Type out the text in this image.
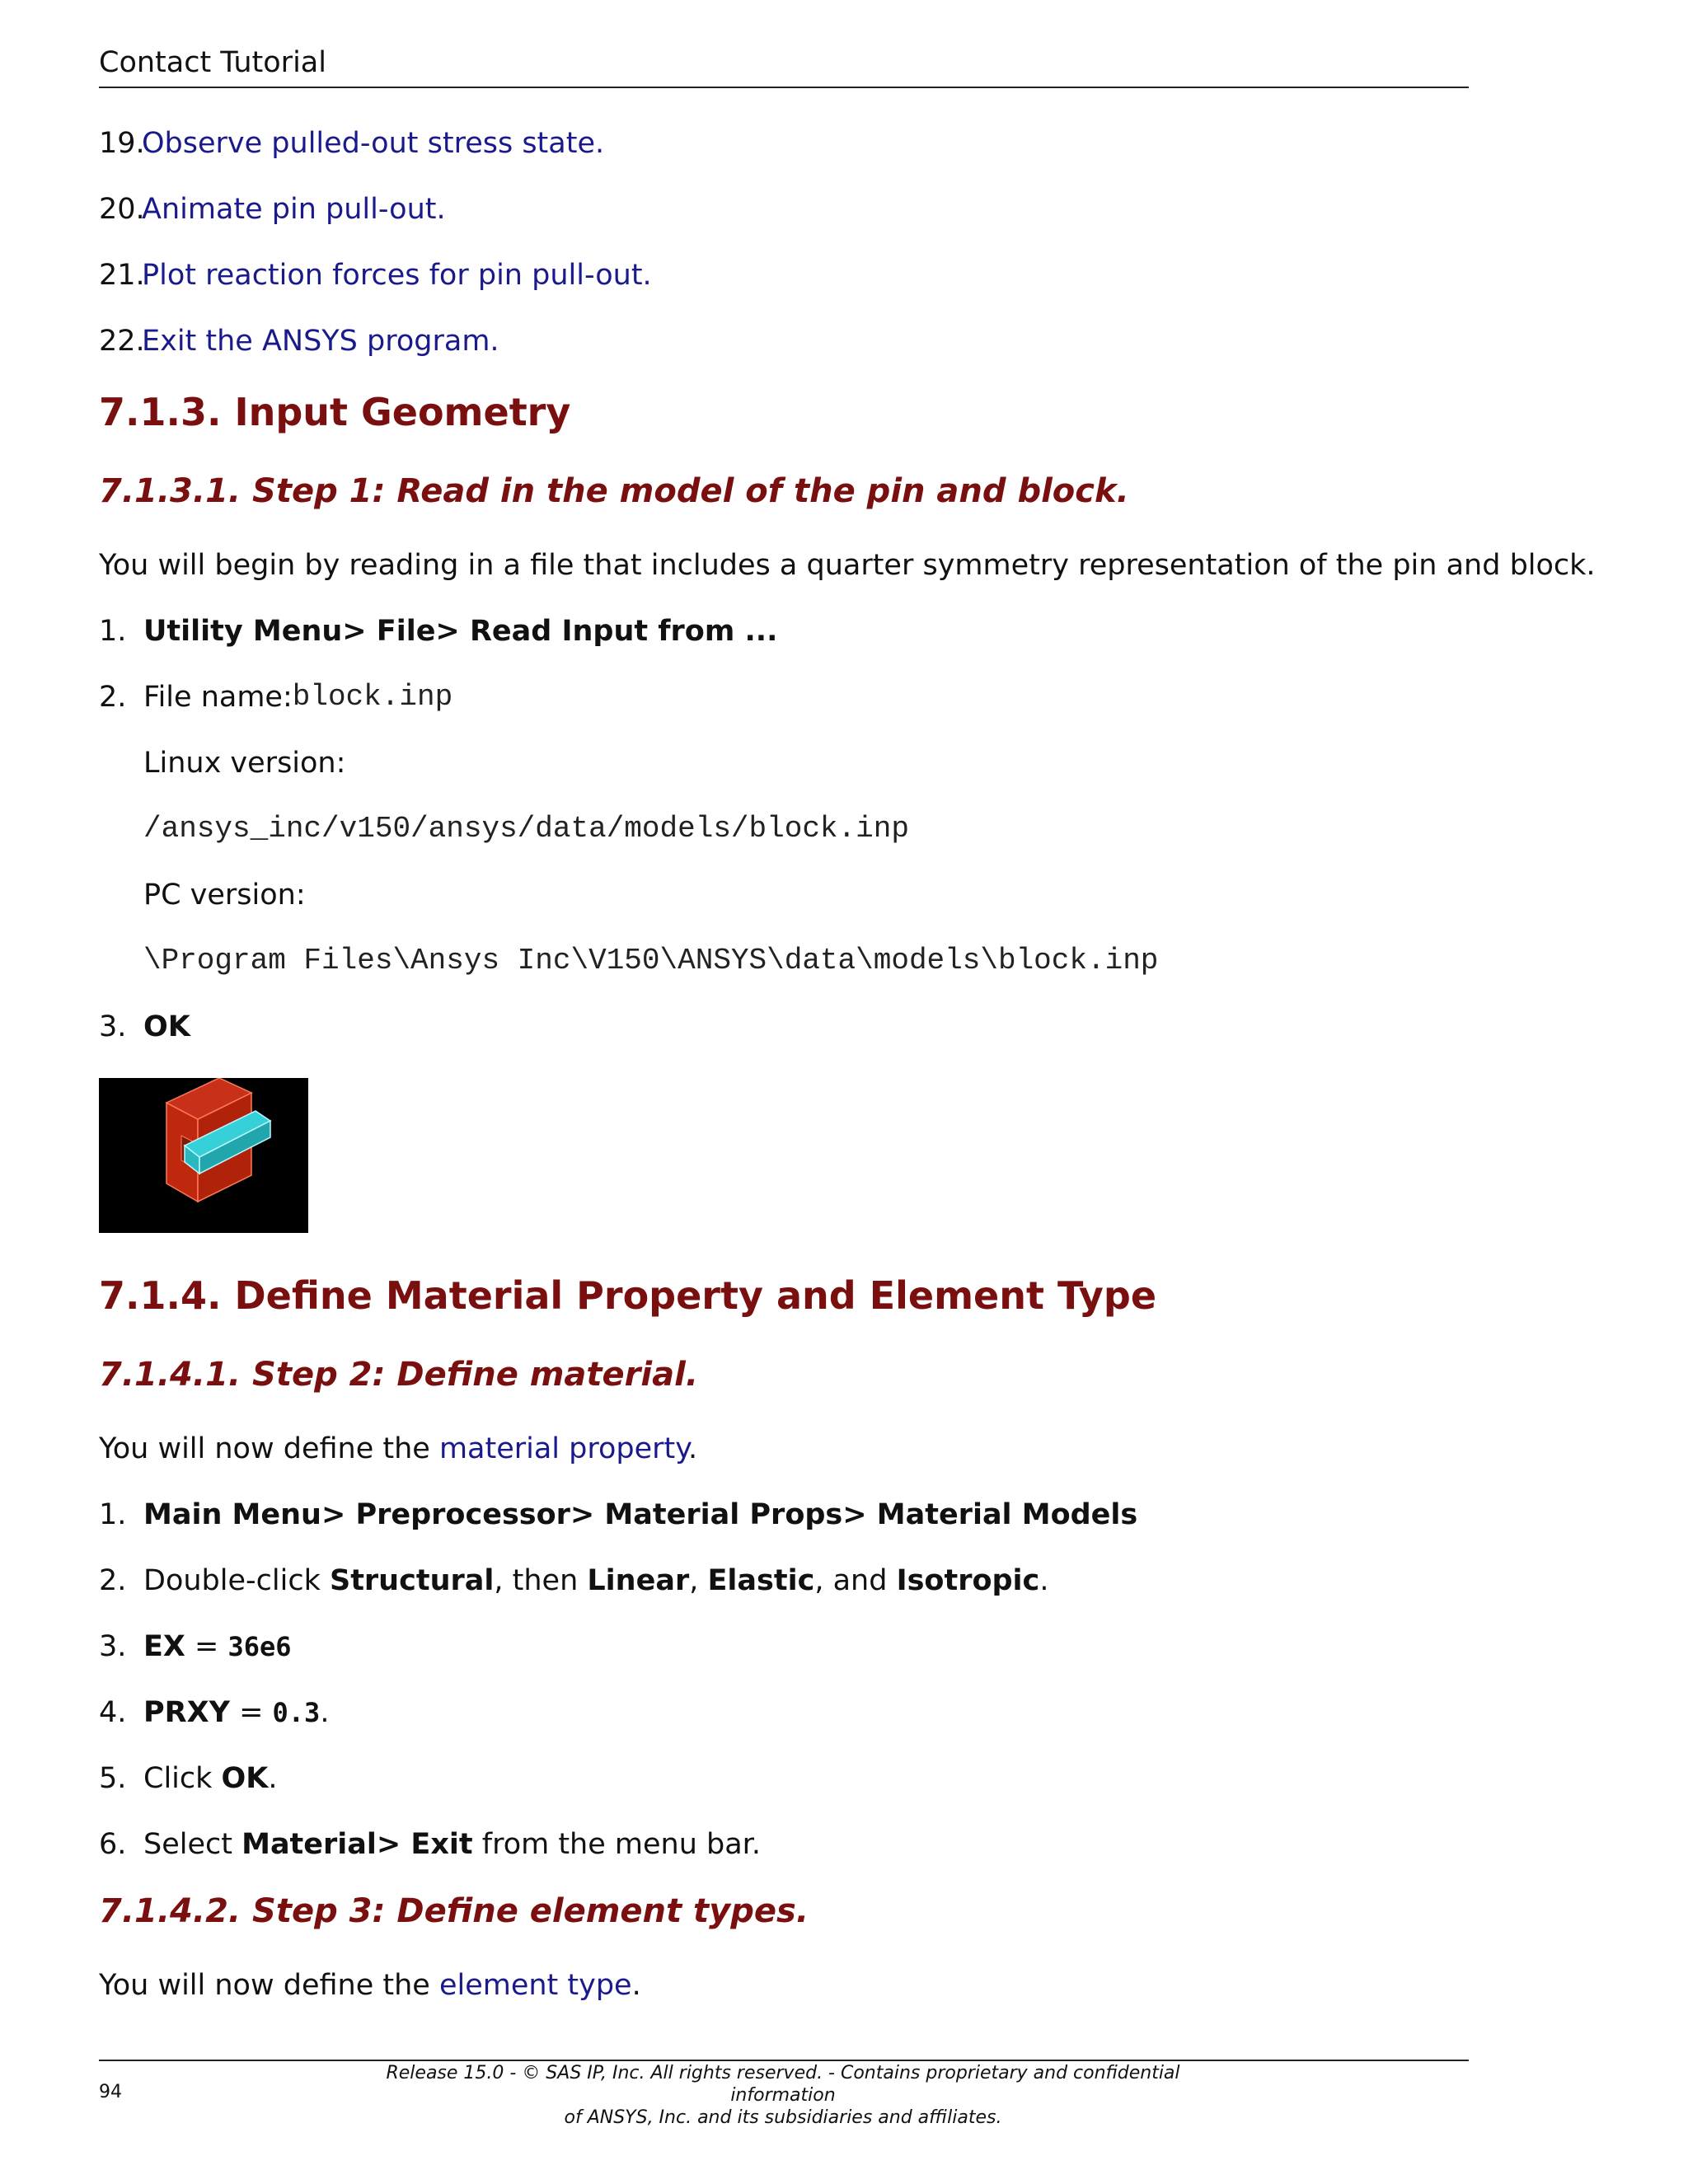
Contact Tutorial
19.
Observe pulled-out stress state.
20.
Animate pin pull-out.
21.
Plot reaction forces for pin pull-out.
22.
Exit the ANSYS program.
7.1.3. Input Geometry
7.1.3.1. Step 1: Read in the model of the pin and block.
You will begin by reading in a file that includes a quarter symmetry representation of the pin and block.
1. Utility Menu> File> Read Input from ...
2. File name: block.inp
Linux version:
/ansys_inc/v150/ansys/data/models/block.inp
PC version:
\Program Files\Ansys Inc\V150\ANSYS\data\models\block.inp
3. OK
7.1.4. Define Material Property and Element Type
7.1.4.1. Step 2: Define material.
You will now define the material property.
1. Main Menu> Preprocessor> Material Props> Material Models
2. Double-click Structural, then Linear, Elastic, and Isotropic.
3. EX = 36e6
4. PRXY = 0.3.
5. Click OK.
6. Select Material> Exit from the menu bar.
7.1.4.2. Step 3: Define element types.
You will now define the element type.
94
Release 15.0 - © SAS IP, Inc. All rights reserved. - Contains proprietary and confidential information
of ANSYS, Inc. and its subsidiaries and affiliates.
